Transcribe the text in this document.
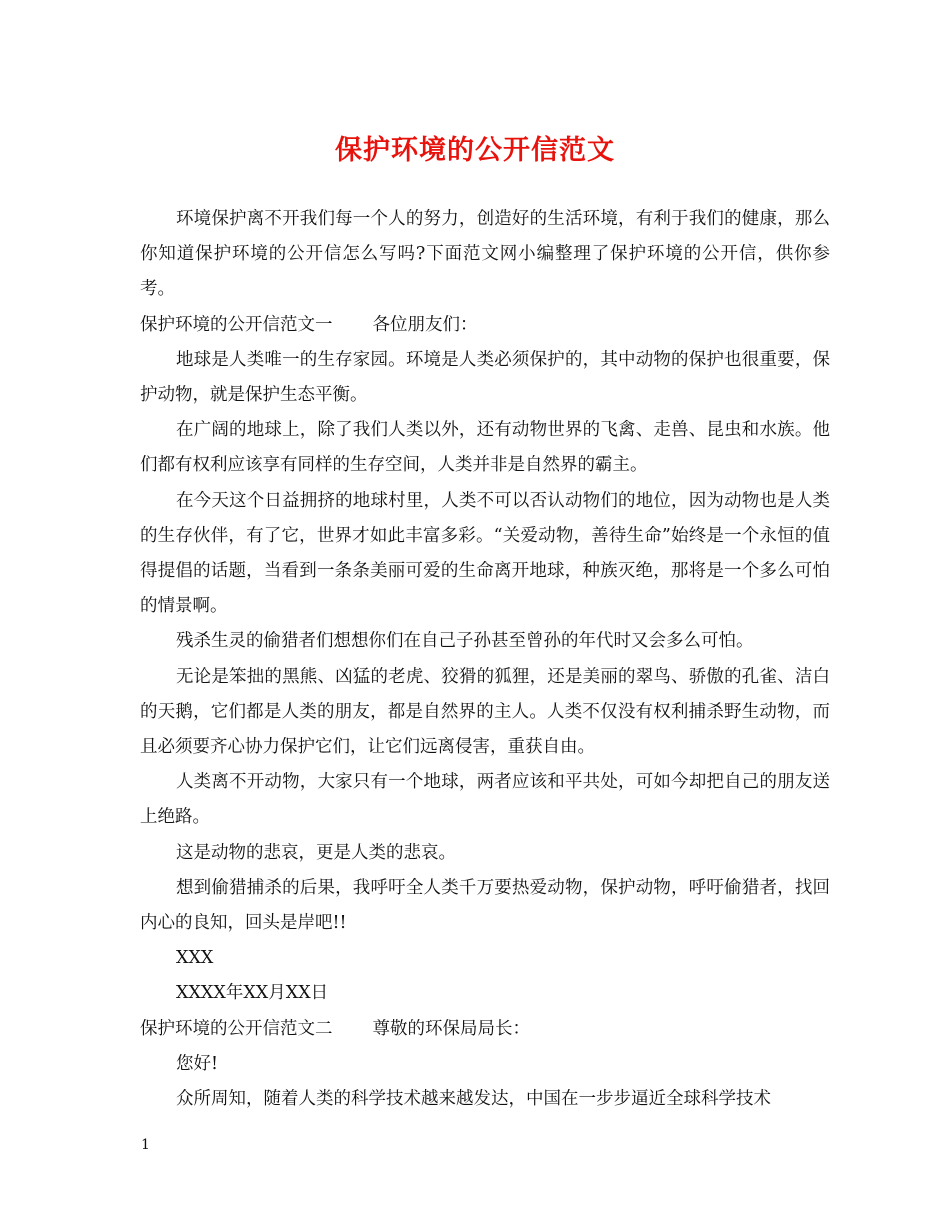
保护环境的公开信范文

环境保护离不开我们每一个人的努力，创造好的生活环境，有利于我们的健康，那么你知道保护环境的公开信怎么写吗?下面范文网小编整理了保护环境的公开信，供你参考。

保护环境的公开信范文一 各位朋友们：

地球是人类唯一的生存家园。环境是人类必须保护的，其中动物的保护也很重要，保护动物，就是保护生态平衡。

在广阔的地球上，除了我们人类以外，还有动物世界的飞禽、走兽、昆虫和水族。他们都有权利应该享有同样的生存空间，人类并非是自然界的霸主。

在今天这个日益拥挤的地球村里，人类不可以否认动物们的地位，因为动物也是人类的生存伙伴，有了它，世界才如此丰富多彩。“关爱动物，善待生命”始终是一个永恒的值得提倡的话题，当看到一条条美丽可爱的生命离开地球，种族灭绝，那将是一个多么可怕的情景啊。

残杀生灵的偷猎者们想想你们在自己子孙甚至曾孙的年代时又会多么可怕。

无论是笨拙的黑熊、凶猛的老虎、狡猾的狐狸，还是美丽的翠鸟、骄傲的孔雀、洁白的天鹅，它们都是人类的朋友，都是自然界的主人。人类不仅没有权利捕杀野生动物，而且必须要齐心协力保护它们，让它们远离侵害，重获自由。

人类离不开动物，大家只有一个地球，两者应该和平共处，可如今却把自己的朋友送上绝路。

这是动物的悲哀，更是人类的悲哀。

想到偷猎捕杀的后果，我呼吁全人类千万要热爱动物，保护动物，呼吁偷猎者，找回内心的良知，回头是岸吧!!

XXX

XXXX年XX月XX日

保护环境的公开信范文二 尊敬的环保局局长：

您好!

众所周知，随着人类的科学技术越来越发达，中国在一步步逼近全球科学技术

1
